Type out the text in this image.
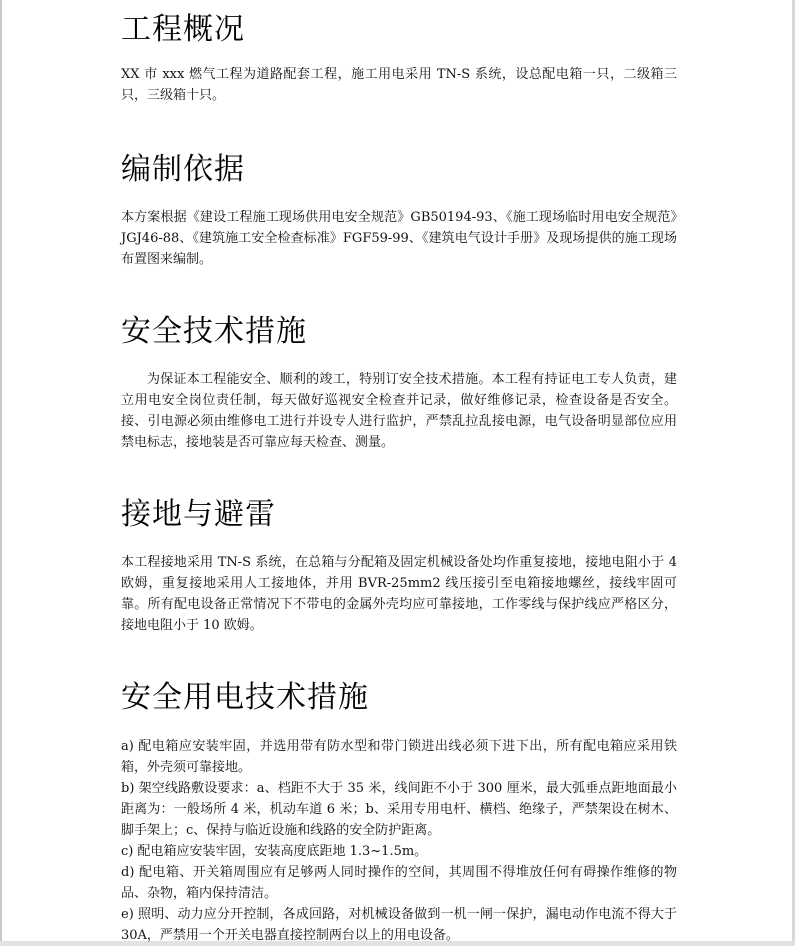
工程概况

XX 市 xxx 燃气工程为道路配套工程，施工用电采用 TN-S 系统，设总配电箱一只，二级箱三只，三级箱十只。

编制依据

本方案根据《建设工程施工现场供用电安全规范》GB50194-93、《施工现场临时用电安全规范》JGJ46-88、《建筑施工安全检查标准》FGF59-99、《建筑电气设计手册》及现场提供的施工现场布置图来编制。

安全技术措施

为保证本工程能安全、顺利的竣工，特别订安全技术措施。本工程有持证电工专人负责，建立用电安全岗位责任制，每天做好巡视安全检查并记录，做好维修记录，检查设备是否安全。接、引电源必须由维修电工进行并设专人进行监护，严禁乱拉乱接电源，电气设备明显部位应用禁电标志，接地装是否可靠应每天检查、测量。

接地与避雷

本工程接地采用 TN-S 系统，在总箱与分配箱及固定机械设备处均作重复接地，接地电阻小于 4 欧姆，重复接地采用人工接地体，并用 BVR-25mm2 线压接引至电箱接地螺丝，接线牢固可靠。所有配电设备正常情况下不带电的金属外壳均应可靠接地，工作零线与保护线应严格区分，接地电阻小于 10 欧姆。

安全用电技术措施

a) 配电箱应安装牢固，并选用带有防水型和带门锁进出线必须下进下出，所有配电箱应采用铁箱，外壳须可靠接地。

b) 架空线路敷设要求：a、档距不大于 35 米，线间距不小于 300 厘米，最大弧垂点距地面最小距离为：一般场所 4 米，机动车道 6 米；b、采用专用电杆、横档、绝缘子，严禁架设在树木、脚手架上；c、保持与临近设施和线路的安全防护距离。

c) 配电箱应安装牢固，安装高度底距地 1.3~1.5m。

d) 配电箱、开关箱周围应有足够两人同时操作的空间，其周围不得堆放任何有碍操作维修的物品、杂物，箱内保持清洁。

e) 照明、动力应分开控制，各成回路，对机械设备做到一机一闸一保护，漏电动作电流不得大于 30A，严禁用一个开关电器直接控制两台以上的用电设备。
